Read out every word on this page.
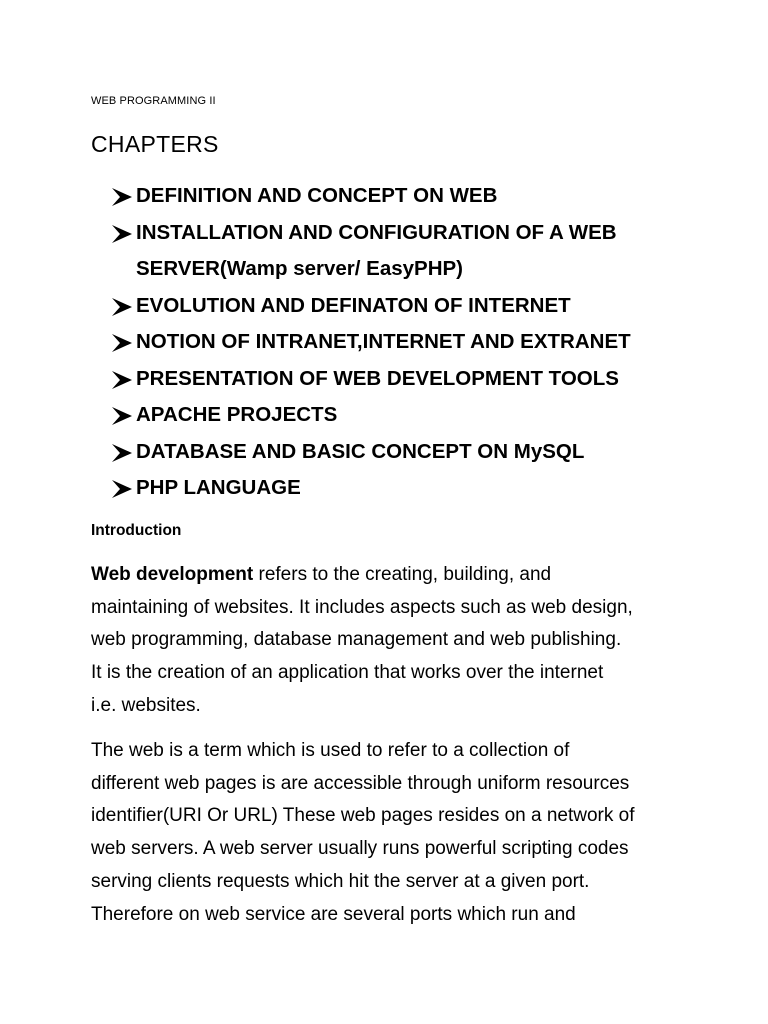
WEB PROGRAMMING II
CHAPTERS
DEFINITION AND CONCEPT ON WEB
INSTALLATION AND CONFIGURATION OF A WEB
SERVER(Wamp server/ EasyPHP)
EVOLUTION AND DEFINATON OF INTERNET
NOTION OF INTRANET,INTERNET AND EXTRANET
PRESENTATION OF WEB DEVELOPMENT TOOLS
APACHE PROJECTS
DATABASE AND BASIC CONCEPT ON MySQL
PHP LANGUAGE
Introduction

Web development refers to the creating, building, and
maintaining of websites. It includes aspects such as web design,
web programming, database management and web publishing.
It is the creation of an application that works over the internet
i.e. websites.

The web is a term which is used to refer to a collection of
different web pages is are accessible through uniform resources
identifier(URI Or URL) These web pages resides on a network of
web servers. A web server usually runs powerful scripting codes
serving clients requests which hit the server at a given port.
Therefore on web service are several ports which run and
